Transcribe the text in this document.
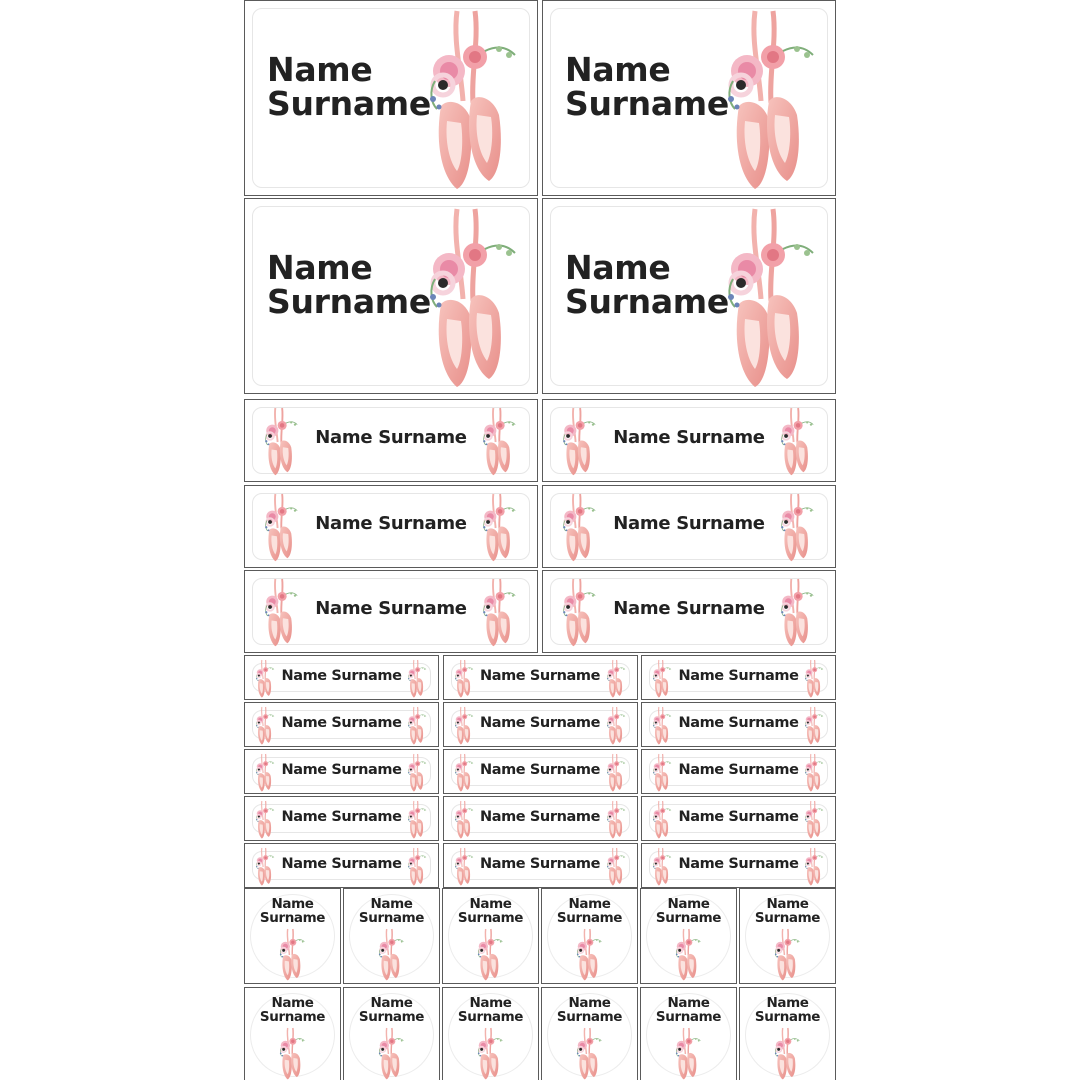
Name
Surname
Name
Surname
Name
Surname
Name
Surname
Name Surname	Name Surname
Name Surname	Name Surname
Name Surname	Name Surname
Name Surname	Name Surname	Name Surname
Name Surname	Name Surname	Name Surname
Name Surname	Name Surname	Name Surname
Name Surname	Name Surname	Name Surname
Name Surname	Name Surname	Name Surname
Name
Surname
Name
Surname
Name
Surname
Name
Surname
Name
Surname
Name
Surname
Name
Surname
Name
Surname
Name
Surname
Name
Surname
Name
Surname
Name
Surname
